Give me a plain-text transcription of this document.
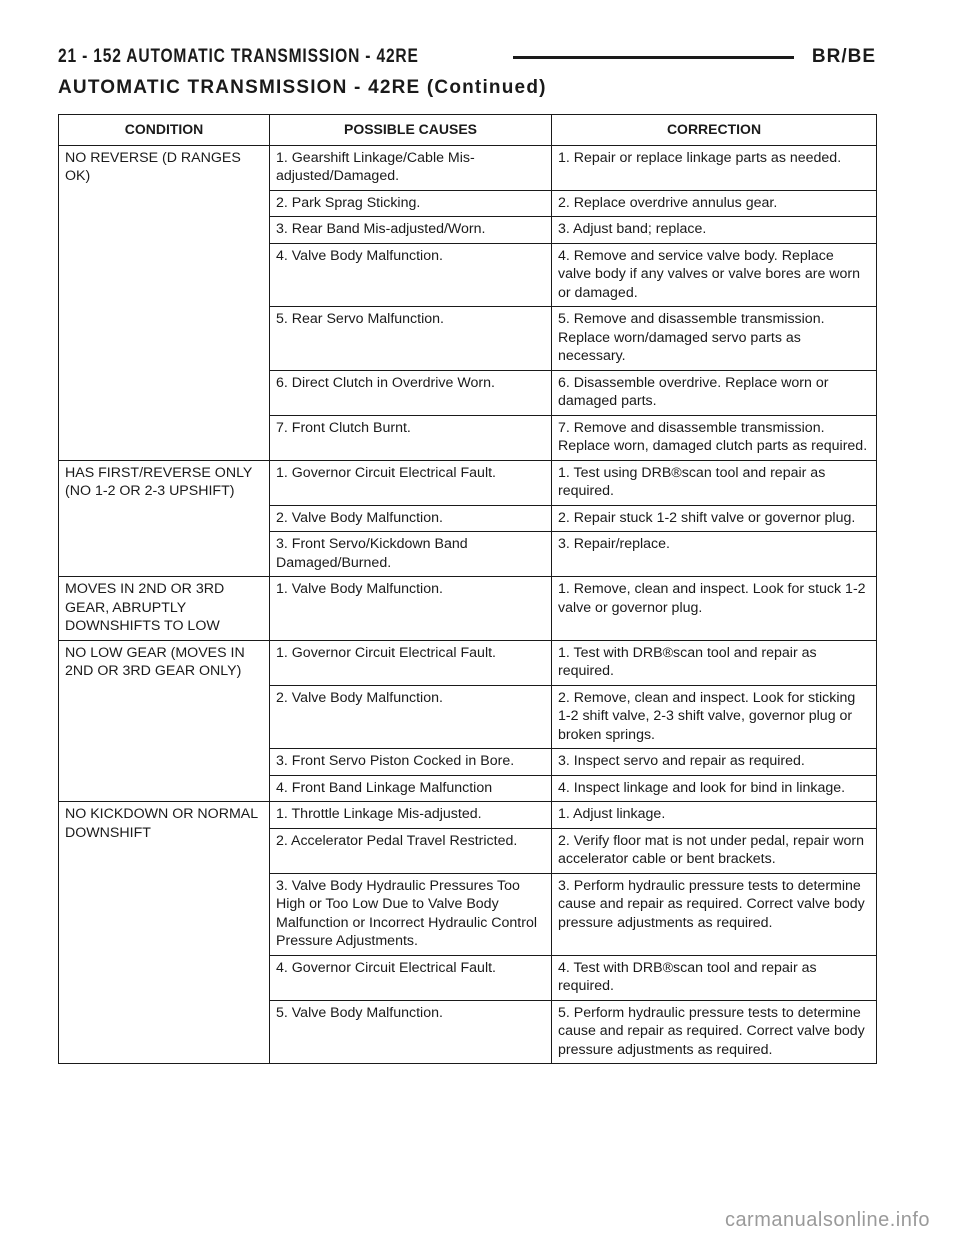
21 - 152 AUTOMATIC TRANSMISSION - 42RE	BR/BE
AUTOMATIC TRANSMISSION - 42RE (Continued)
CONDITION	POSSIBLE CAUSES	CORRECTION
NO REVERSE (D RANGES OK)	1. Gearshift Linkage/Cable Mis-adjusted/Damaged.	1. Repair or replace linkage parts as needed.
	2. Park Sprag Sticking.	2. Replace overdrive annulus gear.
	3. Rear Band Mis-adjusted/Worn.	3. Adjust band; replace.
	4. Valve Body Malfunction.	4. Remove and service valve body. Replace valve body if any valves or valve bores are worn or damaged.
	5. Rear Servo Malfunction.	5. Remove and disassemble transmission. Replace worn/damaged servo parts as necessary.
	6. Direct Clutch in Overdrive Worn.	6. Disassemble overdrive. Replace worn or damaged parts.
	7. Front Clutch Burnt.	7. Remove and disassemble transmission. Replace worn, damaged clutch parts as required.
HAS FIRST/REVERSE ONLY (NO 1-2 OR 2-3 UPSHIFT)	1. Governor Circuit Electrical Fault.	1. Test using DRB®scan tool and repair as required.
	2. Valve Body Malfunction.	2. Repair stuck 1-2 shift valve or governor plug.
	3. Front Servo/Kickdown Band Damaged/Burned.	3. Repair/replace.
MOVES IN 2ND OR 3RD GEAR, ABRUPTLY DOWNSHIFTS TO LOW	1. Valve Body Malfunction.	1. Remove, clean and inspect. Look for stuck 1-2 valve or governor plug.
NO LOW GEAR (MOVES IN 2ND OR 3RD GEAR ONLY)	1. Governor Circuit Electrical Fault.	1. Test with DRB®scan tool and repair as required.
	2. Valve Body Malfunction.	2. Remove, clean and inspect. Look for sticking 1-2 shift valve, 2-3 shift valve, governor plug or broken springs.
	3. Front Servo Piston Cocked in Bore.	3. Inspect servo and repair as required.
	4. Front Band Linkage Malfunction	4. Inspect linkage and look for bind in linkage.
NO KICKDOWN OR NORMAL DOWNSHIFT	1. Throttle Linkage Mis-adjusted.	1. Adjust linkage.
	2. Accelerator Pedal Travel Restricted.	2. Verify floor mat is not under pedal, repair worn accelerator cable or bent brackets.
	3. Valve Body Hydraulic Pressures Too High or Too Low Due to Valve Body Malfunction or Incorrect Hydraulic Control Pressure Adjustments.	3. Perform hydraulic pressure tests to determine cause and repair as required. Correct valve body pressure adjustments as required.
	4. Governor Circuit Electrical Fault.	4. Test with DRB®scan tool and repair as required.
	5. Valve Body Malfunction.	5. Perform hydraulic pressure tests to determine cause and repair as required. Correct valve body pressure adjustments as required.
carmanualsonline.info
